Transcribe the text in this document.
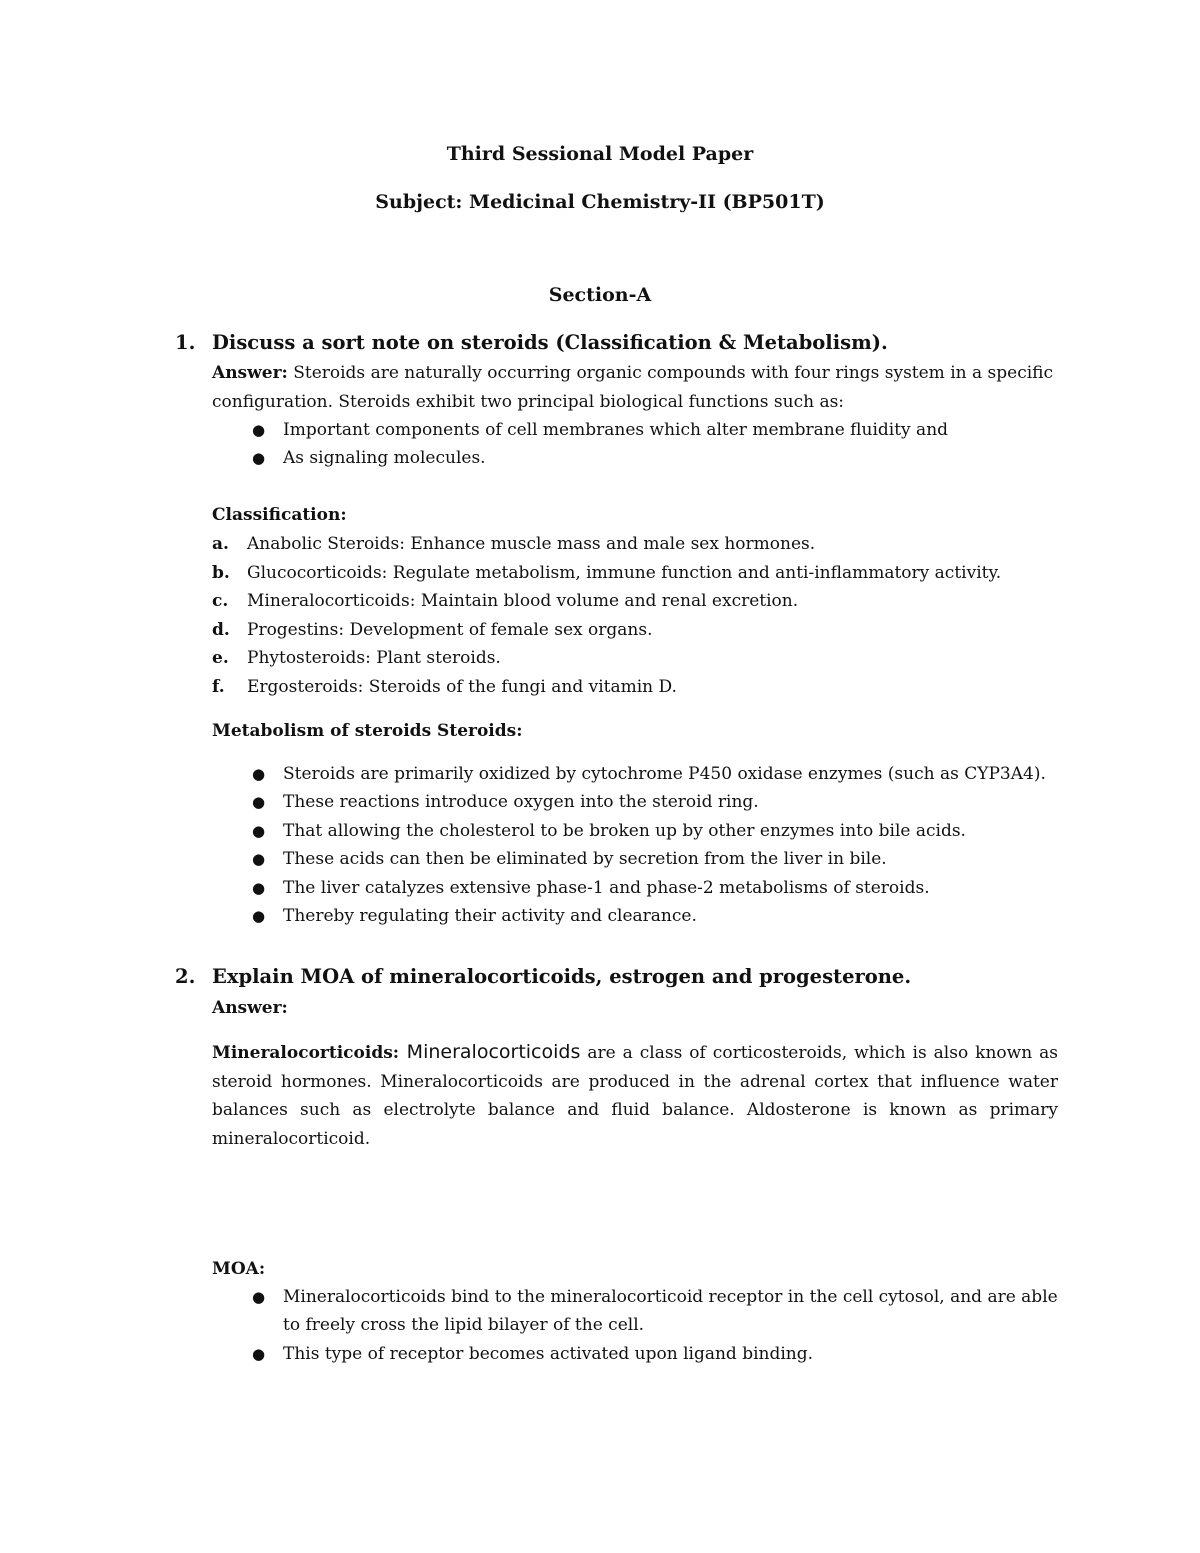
Third Sessional Model Paper
Subject: Medicinal Chemistry-II (BP501T)
Section-A
1. Discuss a sort note on steroids (Classification & Metabolism).
Answer: Steroids are naturally occurring organic compounds with four rings system in a specific configuration. Steroids exhibit two principal biological functions such as:
● Important components of cell membranes which alter membrane fluidity and
● As signaling molecules.
Classification:
a. Anabolic Steroids: Enhance muscle mass and male sex hormones.
b. Glucocorticoids: Regulate metabolism, immune function and anti-inflammatory activity.
c. Mineralocorticoids: Maintain blood volume and renal excretion.
d. Progestins: Development of female sex organs.
e. Phytosteroids: Plant steroids.
f. Ergosteroids: Steroids of the fungi and vitamin D.
Metabolism of steroids Steroids:
● Steroids are primarily oxidized by cytochrome P450 oxidase enzymes (such as CYP3A4).
● These reactions introduce oxygen into the steroid ring.
● That allowing the cholesterol to be broken up by other enzymes into bile acids.
● These acids can then be eliminated by secretion from the liver in bile.
● The liver catalyzes extensive phase-1 and phase-2 metabolisms of steroids.
● Thereby regulating their activity and clearance.
2. Explain MOA of mineralocorticoids, estrogen and progesterone.
Answer:
Mineralocorticoids: Mineralocorticoids are a class of corticosteroids, which is also known as steroid hormones. Mineralocorticoids are produced in the adrenal cortex that influence water balances such as electrolyte balance and fluid balance. Aldosterone is known as primary mineralocorticoid.
MOA:
● Mineralocorticoids bind to the mineralocorticoid receptor in the cell cytosol, and are able to freely cross the lipid bilayer of the cell.
● This type of receptor becomes activated upon ligand binding.
